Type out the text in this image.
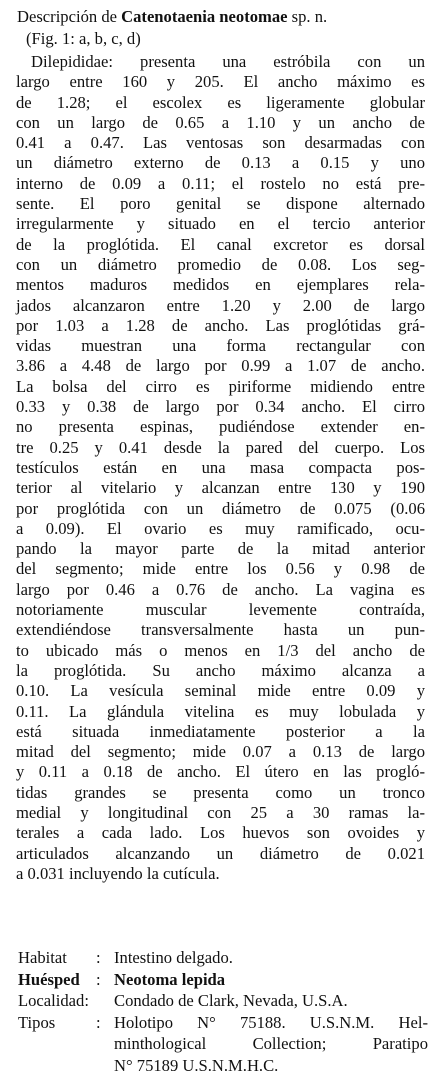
Descripción de Catenotaenia neotomae sp. n.
(Fig. 1: a, b, c, d)
Dilepididae: presenta una estróbila con un
largo entre 160 y 205. El ancho máximo es
de 1.28; el escolex es ligeramente globular
con un largo de 0.65 a 1.10 y un ancho de
0.41 a 0.47. Las ventosas son desarmadas con
un diámetro externo de 0.13 a 0.15 y uno
interno de 0.09 a 0.11; el rostelo no está pre-
sente. El poro genital se dispone alternado
irregularmente y situado en el tercio anterior
de la proglótida. El canal excretor es dorsal
con un diámetro promedio de 0.08. Los seg-
mentos maduros medidos en ejemplares rela-
jados alcanzaron entre 1.20 y 2.00 de largo
por 1.03 a 1.28 de ancho. Las proglótidas grá-
vidas muestran una forma rectangular con
3.86 a 4.48 de largo por 0.99 a 1.07 de ancho.
La bolsa del cirro es piriforme midiendo entre
0.33 y 0.38 de largo por 0.34 ancho. El cirro
no presenta espinas, pudiéndose extender en-
tre 0.25 y 0.41 desde la pared del cuerpo. Los
testículos están en una masa compacta pos-
terior al vitelario y alcanzan entre 130 y 190
por proglótida con un diámetro de 0.075 (0.06
a 0.09). El ovario es muy ramificado, ocu-
pando la mayor parte de la mitad anterior
del segmento; mide entre los 0.56 y 0.98 de
largo por 0.46 a 0.76 de ancho. La vagina es
notoriamente muscular levemente contraída,
extendiéndose transversalmente hasta un pun-
to ubicado más o menos en 1/3 del ancho de
la proglótida. Su ancho máximo alcanza a
0.10. La vesícula seminal mide entre 0.09 y
0.11. La glándula vitelina es muy lobulada y
está situada inmediatamente posterior a la
mitad del segmento; mide 0.07 a 0.13 de largo
y 0.11 a 0.18 de ancho. El útero en las progló-
tidas grandes se presenta como un tronco
medial y longitudinal con 25 a 30 ramas la-
terales a cada lado. Los huevos son ovoides y
articulados alcanzando un diámetro de 0.021
a 0.031 incluyendo la cutícula.
Habitat	: Intestino delgado.
Huésped : Neotoma lepida
Localidad:	Condado de Clark, Nevada, U.S.A.
Tipos	: Holotipo N° 75188. U.S.N.M. Hel-
minthological Collection; Paratipo
N° 75189 U.S.N.M.H.C.
